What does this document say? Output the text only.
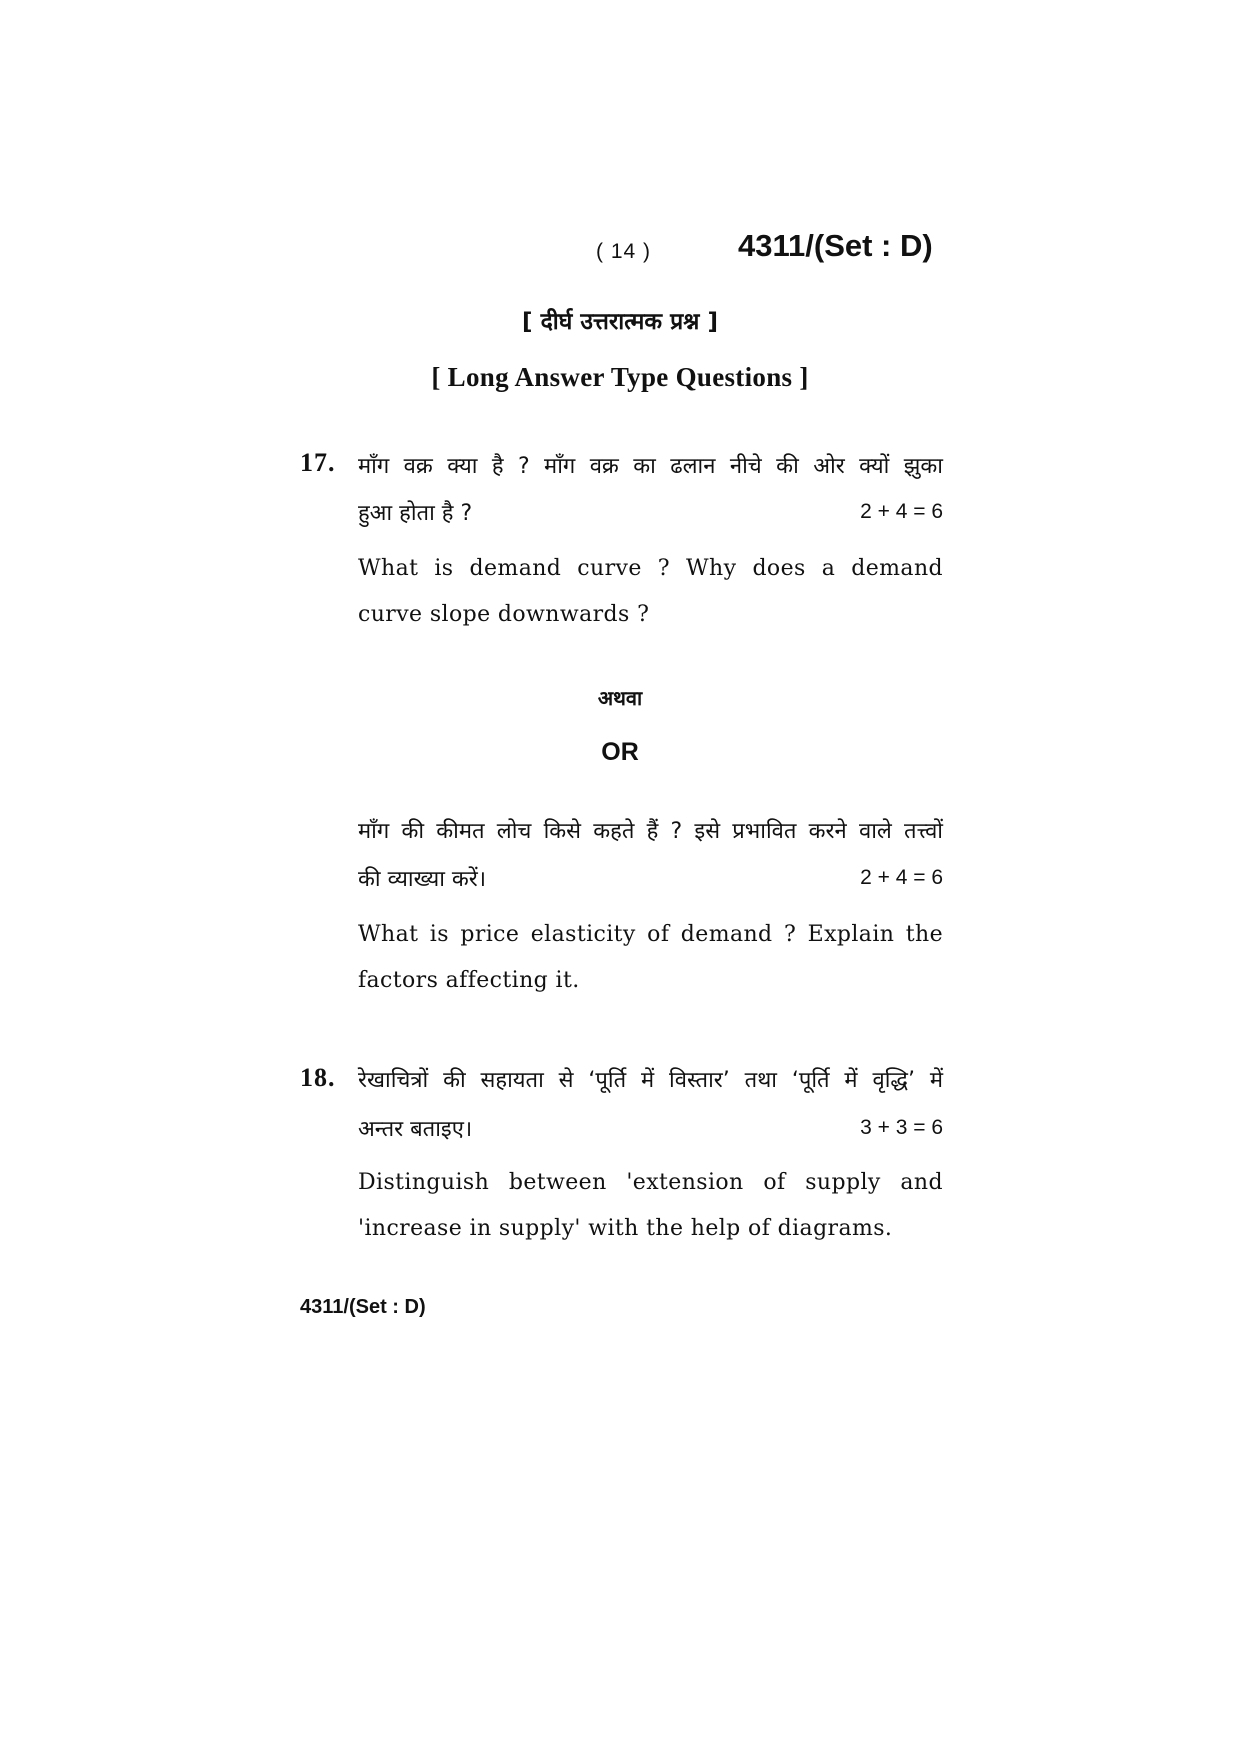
( 14 )	4311/(Set : D)
[ दीर्घ उत्तरात्मक प्रश्न ]
[ Long Answer Type Questions ]
17. माँग वक्र क्या है ? माँग वक्र का ढलान नीचे की ओर क्यों झुका
हुआ होता है ?	2 + 4 = 6
What is demand curve ? Why does a demand
curve slope downwards ?
अथवा
OR
माँग की कीमत लोच किसे कहते हैं ? इसे प्रभावित करने वाले तत्त्वों
की व्याख्या करें।	2 + 4 = 6
What is price elasticity of demand ? Explain the
factors affecting it.
18. रेखाचित्रों की सहायता से ‘पूर्ति में विस्तार’ तथा ‘पूर्ति में वृद्धि’ में
अन्तर बताइए।	3 + 3 = 6
Distinguish between 'extension of supply and
'increase in supply' with the help of diagrams.
4311/(Set : D)
